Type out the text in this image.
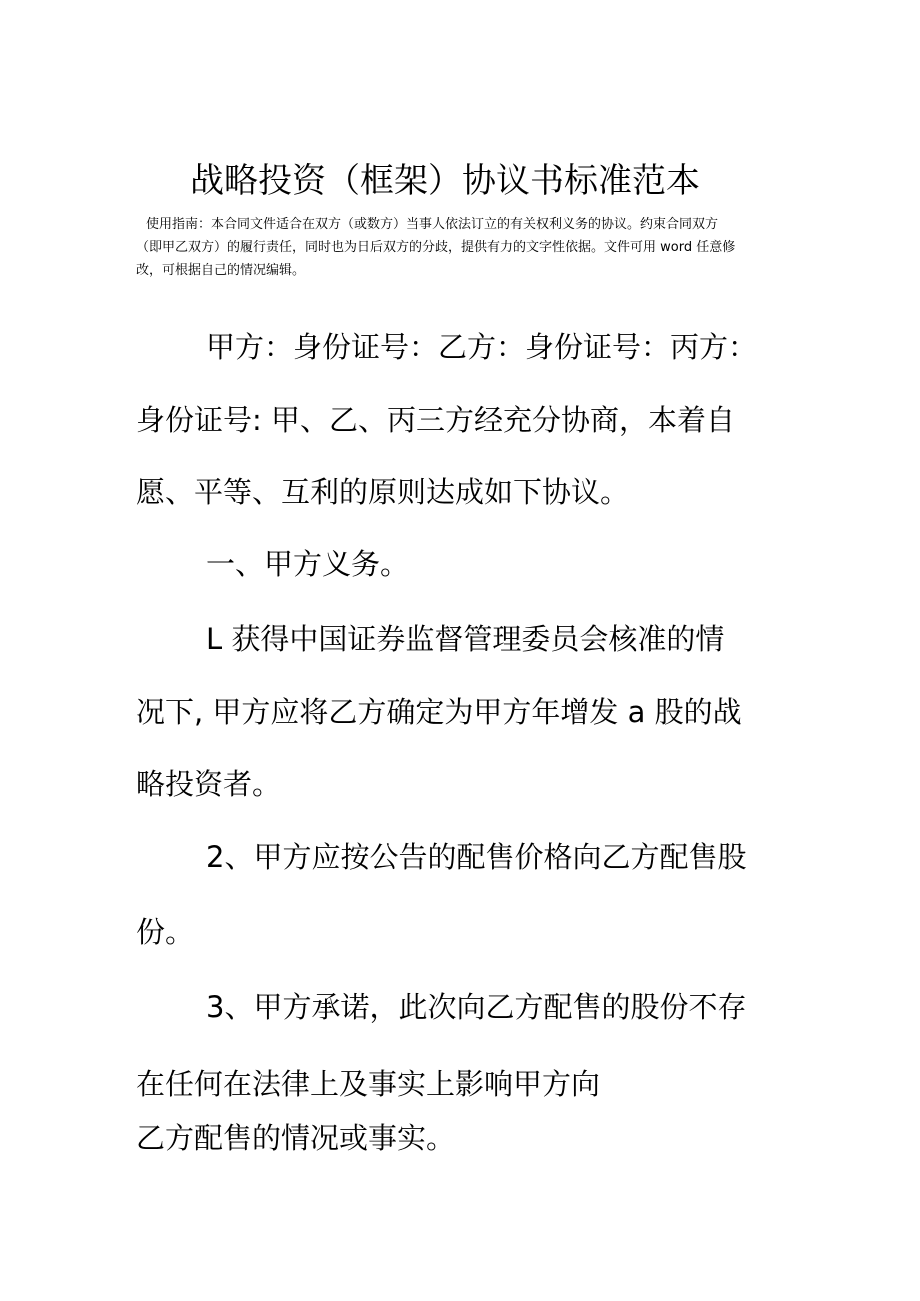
战略投资（框架）协议书标准范本
使用指南：本合同文件适合在双方（或数方）当事人依法订立的有关权利义务的协议。约束合同双方
（即甲乙双方）的履行责任，同时也为日后双方的分歧，提供有力的文字性依据。文件可用 word 任意修
改，可根据自己的情况编辑。
甲方：身份证号：乙方：身份证号：丙方：
身份证号: 甲、乙、丙三方经充分协商，本着自
愿、平等、互利的原则达成如下协议。
一、甲方义务。
L 获得中国证券监督管理委员会核准的情
况下, 甲方应将乙方确定为甲方年增发 a 股的战
略投资者。
2、甲方应按公告的配售价格向乙方配售股
份。
3、甲方承诺，此次向乙方配售的股份不存
在任何在法律上及事实上影响甲方向
乙方配售的情况或事实。
